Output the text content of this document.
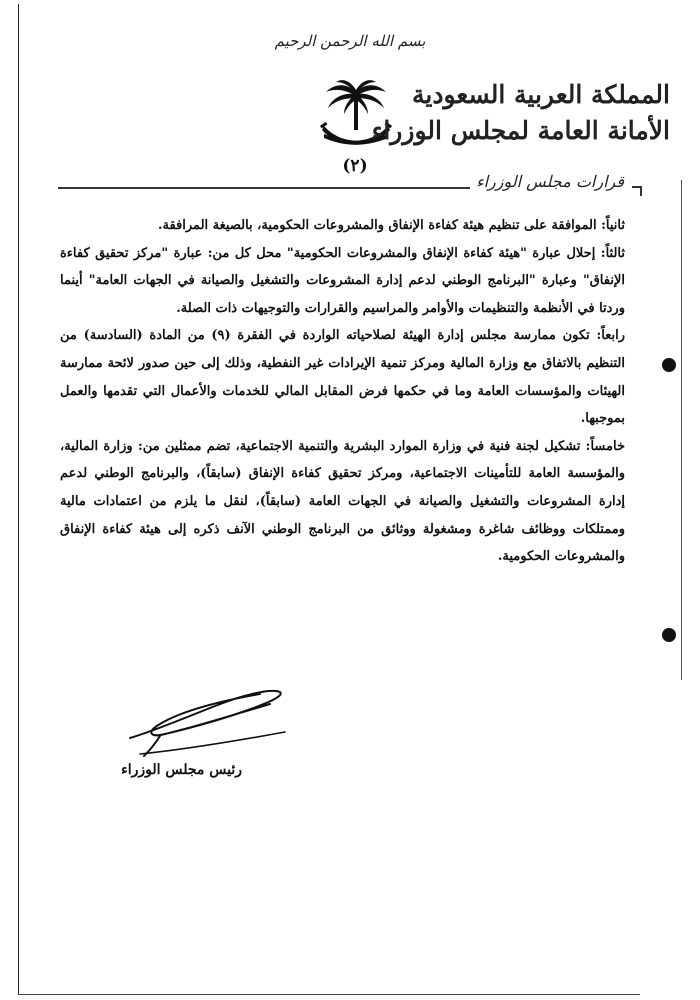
بسم الله الرحمن الرحيم
(٢)
المملكة العربية السعودية
الأمانة العامة لمجلس الوزراء
قرارات مجلس الوزراء

ثانياً: الموافقة على تنظيم هيئة كفاءة الإنفاق والمشروعات الحكومية، بالصيغة المرافقة.

ثالثاً: إحلال عبارة "هيئة كفاءة الإنفاق والمشروعات الحكومية" محل كل من: عبارة "مركز تحقيق كفاءة الإنفاق" وعبارة "البرنامج الوطني لدعم إدارة المشروعات والتشغيل والصيانة في الجهات العامة" أينما وردتا في الأنظمة والتنظيمات والأوامر والمراسيم والقرارات والتوجيهات ذات الصلة.

رابعاً: تكون ممارسة مجلس إدارة الهيئة لصلاحياته الواردة في الفقرة (٩) من المادة (السادسة) من التنظيم بالاتفاق مع وزارة المالية ومركز تنمية الإيرادات غير النفطية، وذلك إلى حين صدور لائحة ممارسة الهيئات والمؤسسات العامة وما في حكمها فرض المقابل المالي للخدمات والأعمال التي تقدمها والعمل بموجبها.

خامساً: تشكيل لجنة فنية في وزارة الموارد البشرية والتنمية الاجتماعية، تضم ممثلين من: وزارة المالية، والمؤسسة العامة للتأمينات الاجتماعية، ومركز تحقيق كفاءة الإنفاق (سابقاً)، والبرنامج الوطني لدعم إدارة المشروعات والتشغيل والصيانة في الجهات العامة (سابقاً)، لنقل ما يلزم من اعتمادات مالية وممتلكات ووظائف شاغرة ومشغولة ووثائق من البرنامج الوطني الآنف ذكره إلى هيئة كفاءة الإنفاق والمشروعات الحكومية.

رئيس مجلس الوزراء
